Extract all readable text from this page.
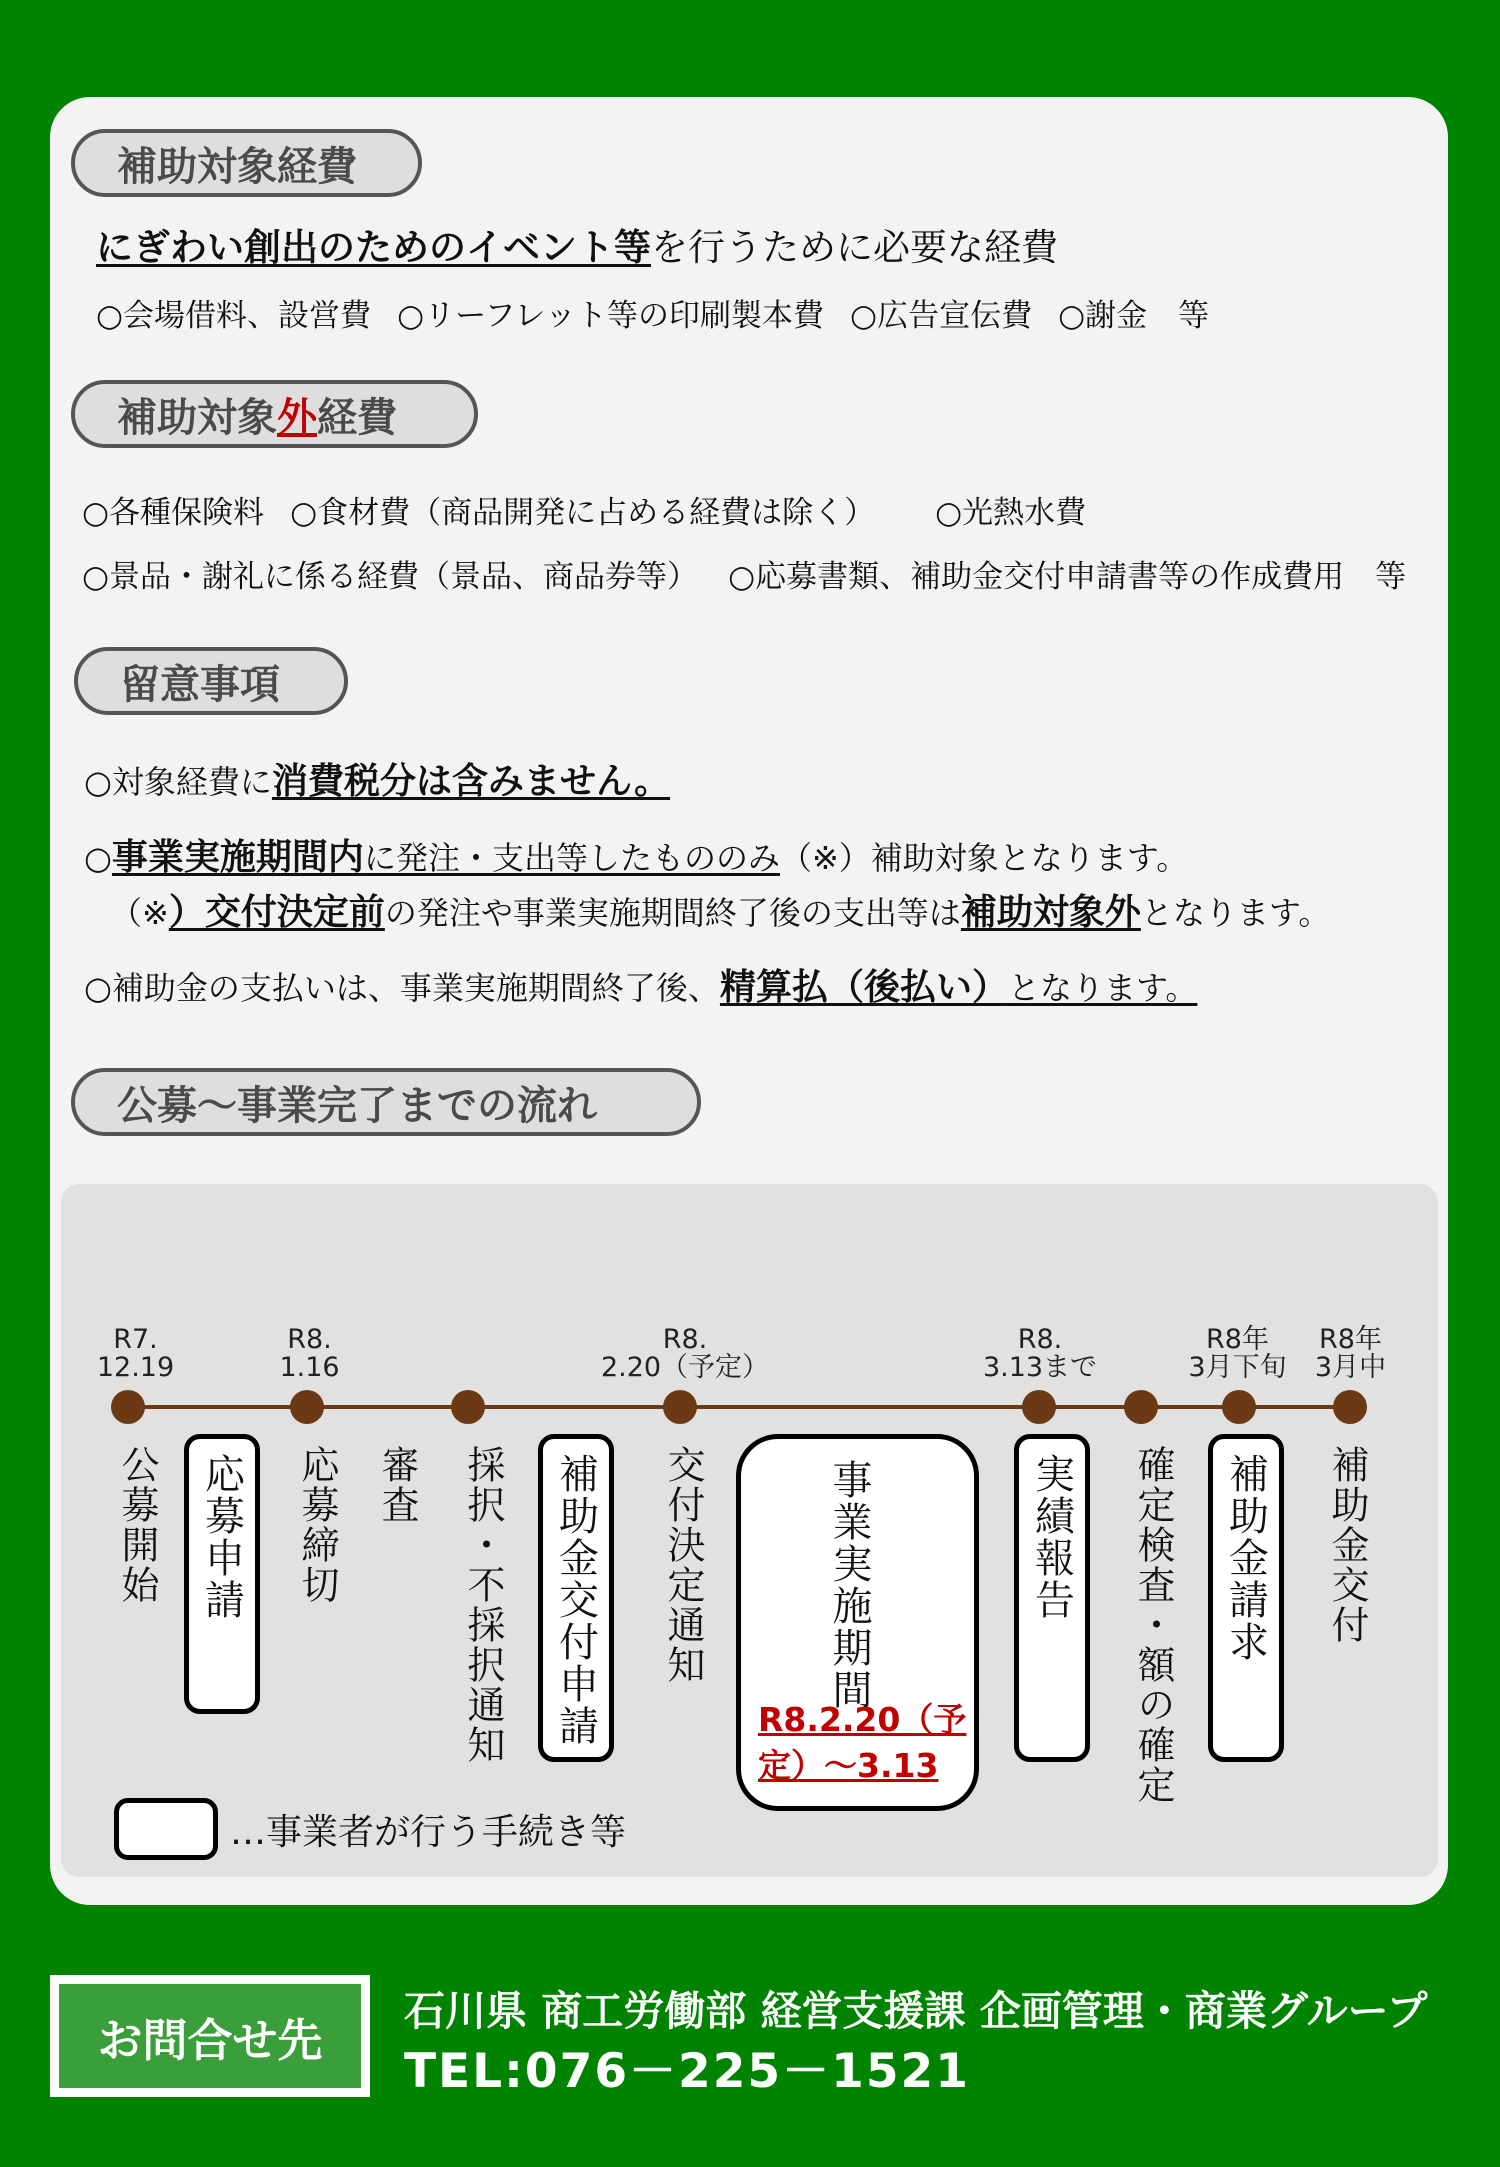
補助対象経費
にぎわい創出のためのイベント等を行うために必要な経費
○会場借料、設営費 ○リーフレット等の印刷製本費 ○広告宣伝費 ○謝金　等
補助対象外経費
○各種保険料 ○食材費（商品開発に占める経費は除く） ○光熱水費
○景品・謝礼に係る経費（景品、商品券等） ○応募書類、補助金交付申請書等の作成費用　等
留意事項
○対象経費に消費税分は含みません。
○事業実施期間内に発注・支出等したもののみ（※）補助対象となります。
（※）交付決定前の発注や事業実施期間終了後の支出等は補助対象外となります。
○補助金の支払いは、事業実施期間終了後、精算払（後払い）となります。
公募～事業完了までの流れ
R7.
12.19
R8.
1.16
R8.
2.20（予定）
R8.
3.13まで
R8年
3月下旬
R8年
3月中
公募開始 応募申請 応募締切 審査 採択・不採択通知 補助金交付申請 交付決定通知	事業実施期間
R8.2.20（予定）～3.13
実績報告 確定検査・額の確定 補助金請求 補助金交付
…事業者が行う手続き等
お問合せ先
石川県 商工労働部 経営支援課 企画管理・商業グループ
TEL:076－225－1521
